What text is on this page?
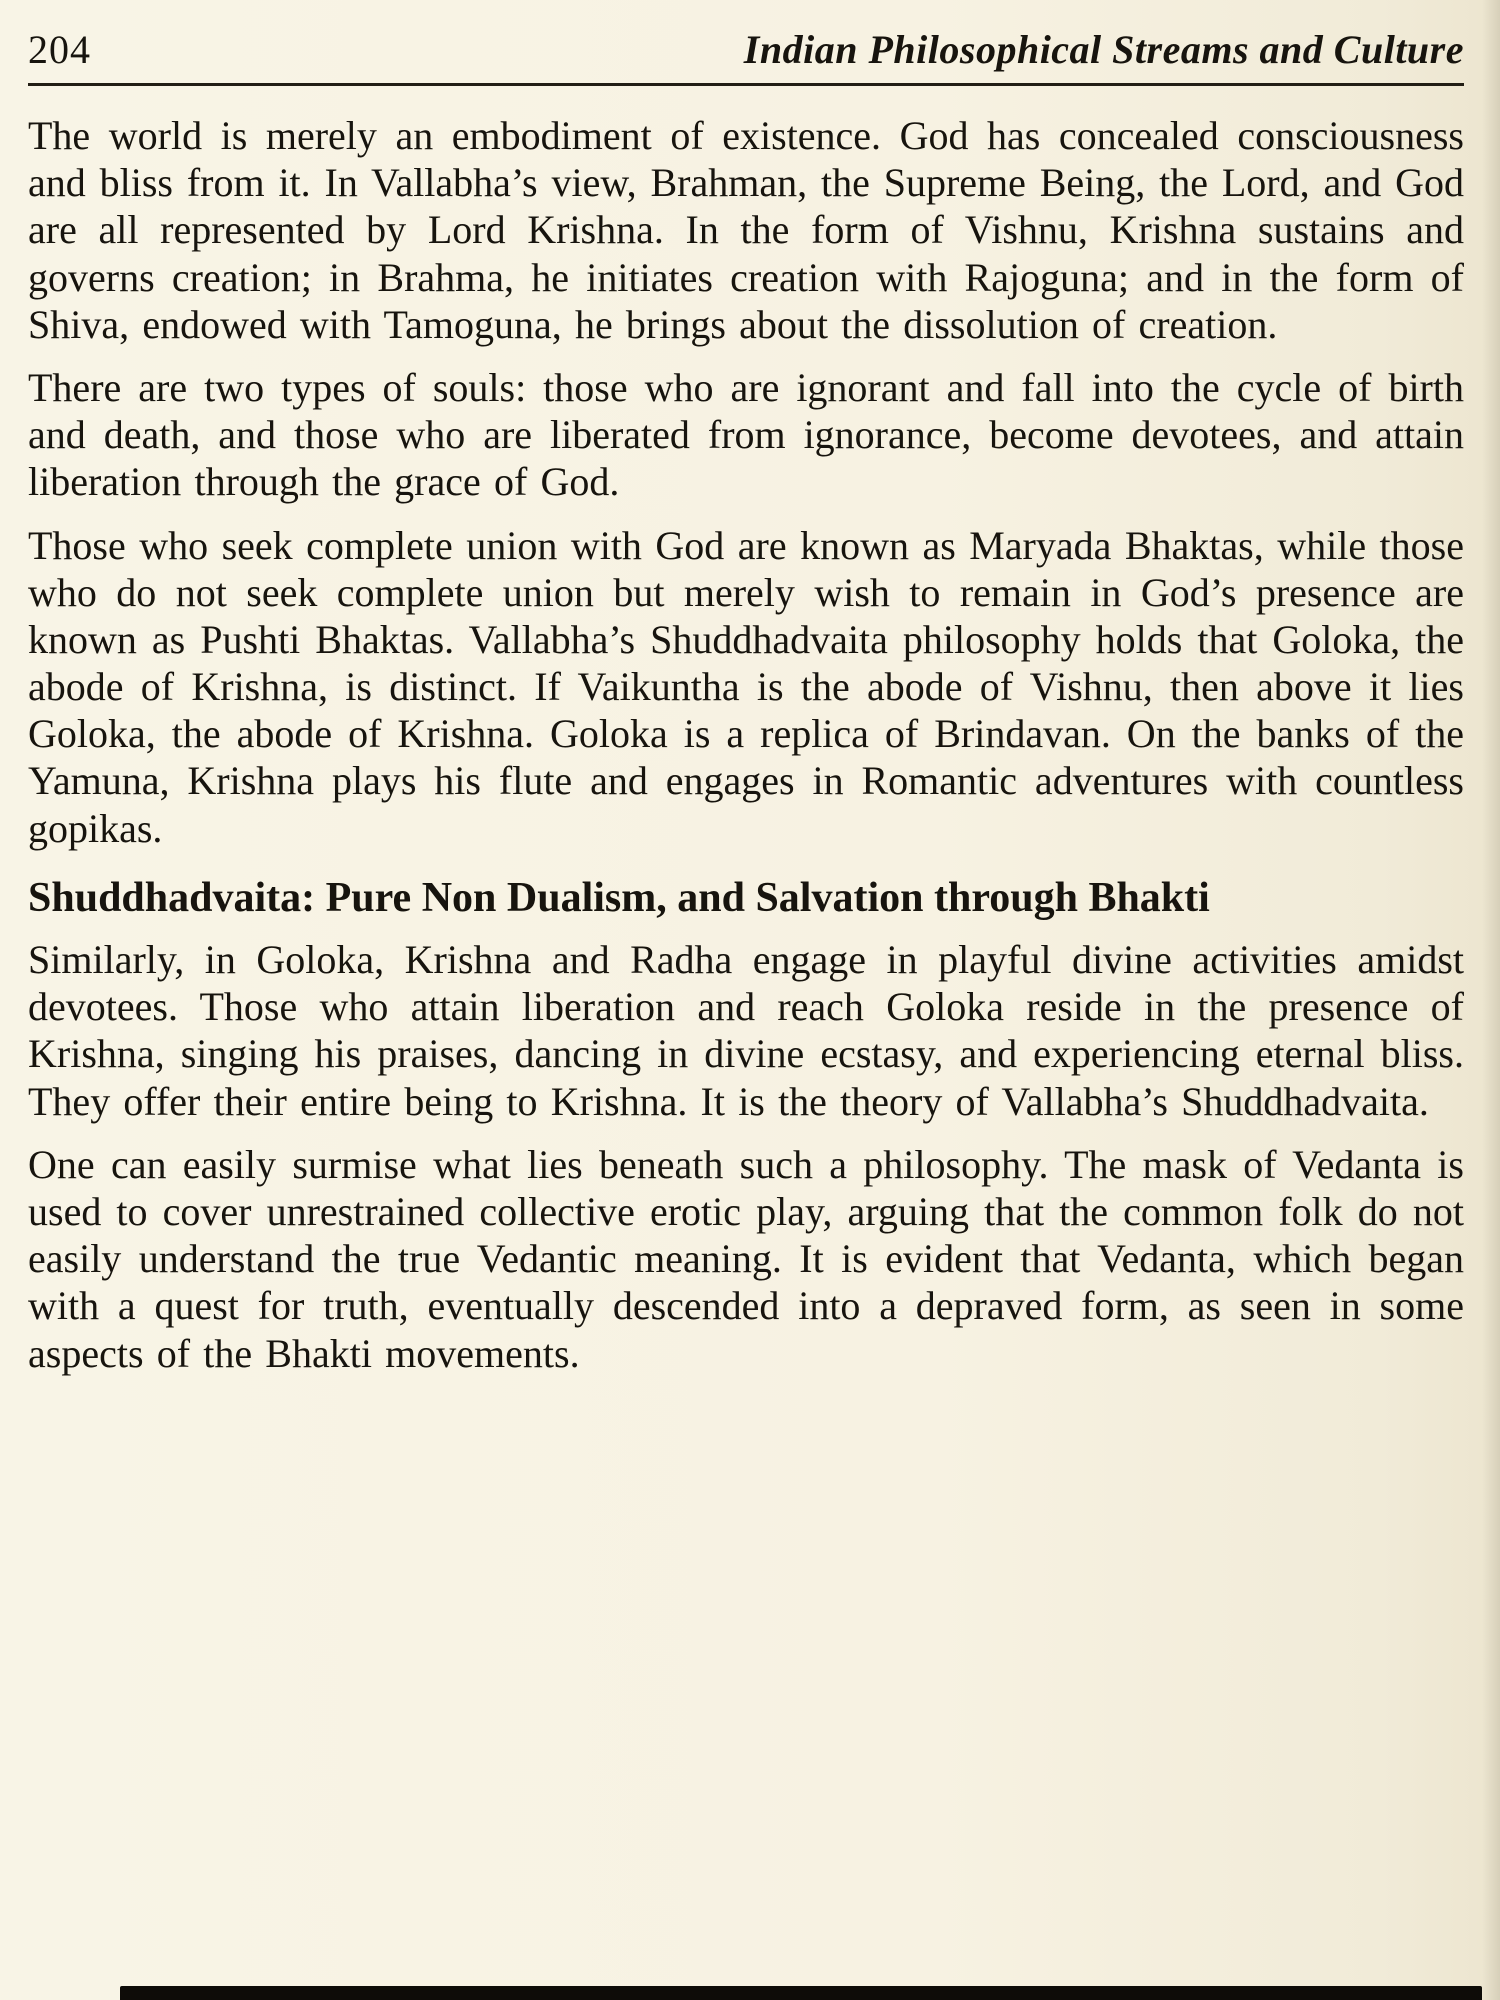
204	Indian Philosophical Streams and Culture

The world is merely an embodiment of existence. God has concealed consciousness and bliss from it. In Vallabha’s view, Brahman, the Supreme Being, the Lord, and God are all represented by Lord Krishna. In the form of Vishnu, Krishna sustains and governs creation; in Brahma, he initiates creation with Rajoguna; and in the form of Shiva, endowed with Tamoguna, he brings about the dissolution of creation.

There are two types of souls: those who are ignorant and fall into the cycle of birth and death, and those who are liberated from ignorance, become devotees, and attain liberation through the grace of God.

Those who seek complete union with God are known as Maryada Bhaktas, while those who do not seek complete union but merely wish to remain in God’s presence are known as Pushti Bhaktas. Vallabha’s Shuddhadvaita philosophy holds that Goloka, the abode of Krishna, is distinct. If Vaikuntha is the abode of Vishnu, then above it lies Goloka, the abode of Krishna. Goloka is a replica of Brindavan. On the banks of the Yamuna, Krishna plays his flute and engages in Romantic adventures with countless gopikas.

Shuddhadvaita: Pure Non Dualism, and Salvation through Bhakti

Similarly, in Goloka, Krishna and Radha engage in playful divine activities amidst devotees. Those who attain liberation and reach Goloka reside in the presence of Krishna, singing his praises, dancing in divine ecstasy, and experiencing eternal bliss. They offer their entire being to Krishna. It is the theory of Vallabha’s Shuddhadvaita.

One can easily surmise what lies beneath such a philosophy. The mask of Vedanta is used to cover unrestrained collective erotic play, arguing that the common folk do not easily understand the true Vedantic meaning. It is evident that Vedanta, which began with a quest for truth, eventually descended into a depraved form, as seen in some aspects of the Bhakti movements.
